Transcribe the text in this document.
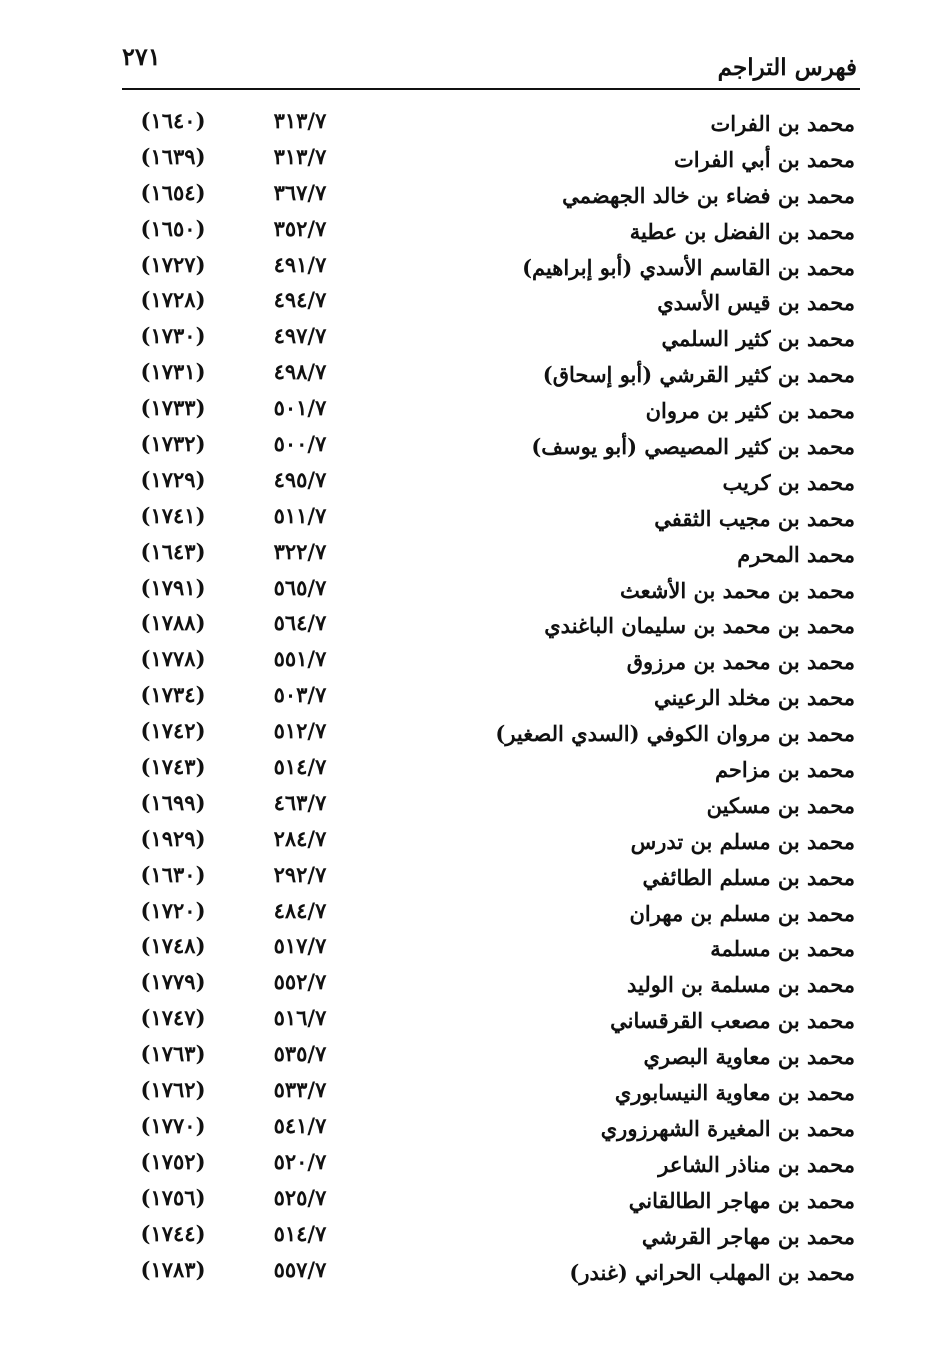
٢٧١	فهرس التراجم
محمد بن الفرات
٣١٣/٧
(١٦٤٠)
محمد بن أبي الفرات
٣١٣/٧
(١٦٣٩)
محمد بن فضاء بن خالد الجهضمي
٣٦٧/٧
(١٦٥٤)
محمد بن الفضل بن عطية
٣٥٢/٧
(١٦٥٠)
محمد بن القاسم الأسدي (أبو إبراهيم)
٤٩١/٧
(١٧٢٧)
محمد بن قيس الأسدي
٤٩٤/٧
(١٧٢٨)
محمد بن كثير السلمي
٤٩٧/٧
(١٧٣٠)
محمد بن كثير القرشي (أبو إسحاق)
٤٩٨/٧
(١٧٣١)
محمد بن كثير بن مروان
٥٠١/٧
(١٧٣٣)
محمد بن كثير المصيصي (أبو يوسف)
٥٠٠/٧
(١٧٣٢)
محمد بن كريب
٤٩٥/٧
(١٧٢٩)
محمد بن مجيب الثقفي
٥١١/٧
(١٧٤١)
محمد المحرم
٣٢٢/٧
(١٦٤٣)
محمد بن محمد بن الأشعث
٥٦٥/٧
(١٧٩١)
محمد بن محمد بن سليمان الباغندي
٥٦٤/٧
(١٧٨٨)
محمد بن محمد بن مرزوق
٥٥١/٧
(١٧٧٨)
محمد بن مخلد الرعيني
٥٠٣/٧
(١٧٣٤)
محمد بن مروان الكوفي (السدي الصغير)
٥١٢/٧
(١٧٤٢)
محمد بن مزاحم
٥١٤/٧
(١٧٤٣)
محمد بن مسكين
٤٦٣/٧
(١٦٩٩)
محمد بن مسلم بن تدرس
٢٨٤/٧
(١٩٢٩)
محمد بن مسلم الطائفي
٢٩٢/٧
(١٦٣٠)
محمد بن مسلم بن مهران
٤٨٤/٧
(١٧٢٠)
محمد بن مسلمة
٥١٧/٧
(١٧٤٨)
محمد بن مسلمة بن الوليد
٥٥٢/٧
(١٧٧٩)
محمد بن مصعب القرقساني
٥١٦/٧
(١٧٤٧)
محمد بن معاوية البصري
٥٣٥/٧
(١٧٦٣)
محمد بن معاوية النيسابوري
٥٣٣/٧
(١٧٦٢)
محمد بن المغيرة الشهرزوري
٥٤١/٧
(١٧٧٠)
محمد بن مناذر الشاعر
٥٢٠/٧
(١٧٥٢)
محمد بن مهاجر الطالقاني
٥٢٥/٧
(١٧٥٦)
محمد بن مهاجر القرشي
٥١٤/٧
(١٧٤٤)
محمد بن المهلب الحراني (غندر)
٥٥٧/٧
(١٧٨٣)
